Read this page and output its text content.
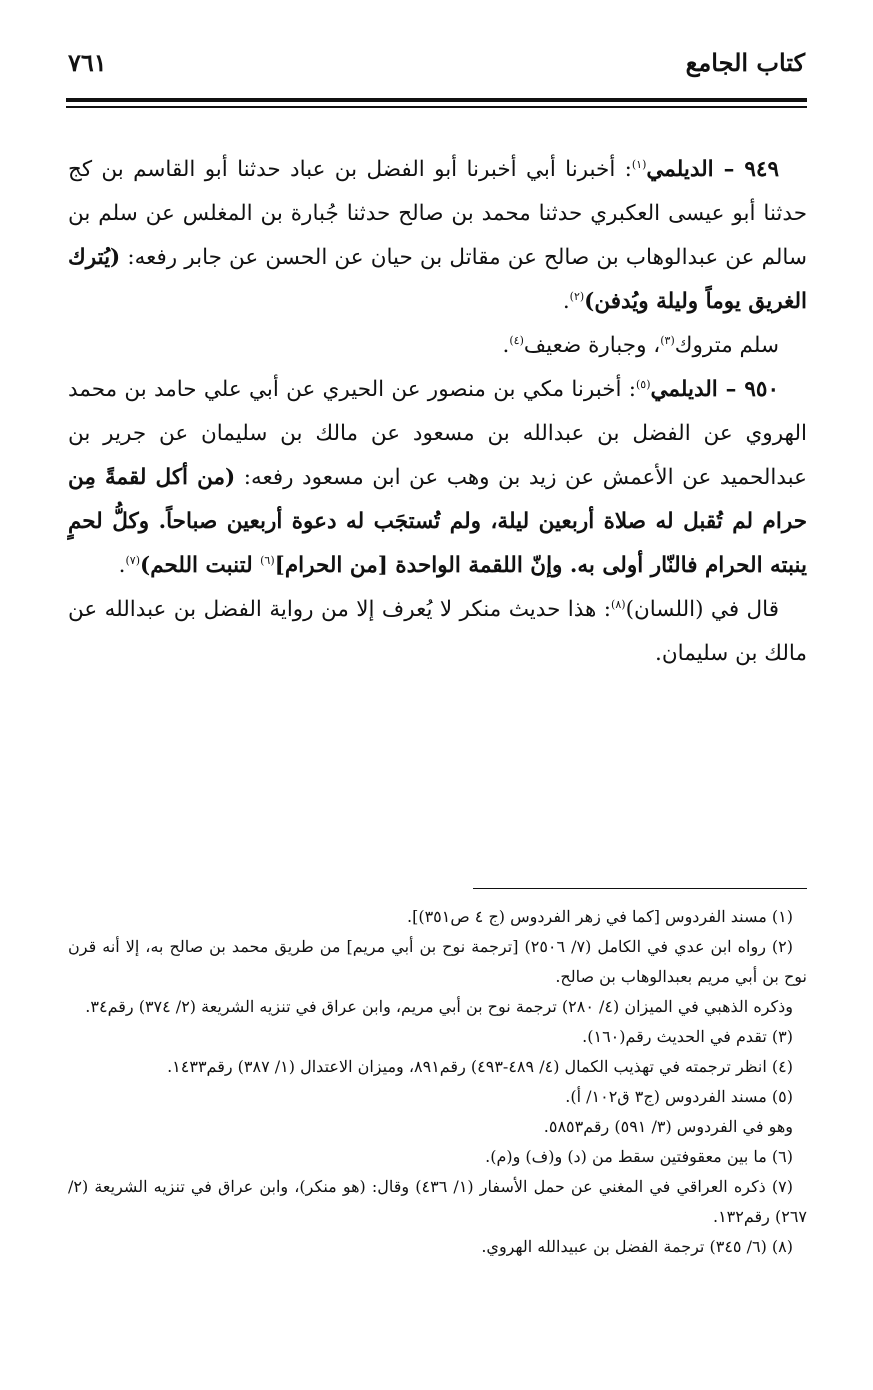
كتاب الجامع
٧٦١

٩٤٩ – الديلمي$^{(١)}$: أخبرنا أبي أخبرنا أبو الفضل بن عباد حدثنا أبو القاسم بن كج حدثنا أبو عيسى العكبري حدثنا محمد بن صالح حدثنا جُبارة بن المغلس عن سلم بن سالم عن عبدالوهاب بن صالح عن مقاتل بن حيان عن الحسن عن جابر رفعه: (يُترك الغريق يوماً وليلة ويُدفن)$^{(٢)}$.

سلم متروك$^{(٣)}$، وجبارة ضعيف$^{(٤)}$.

٩٥٠ – الديلمي$^{(٥)}$: أخبرنا مكي بن منصور عن الحيري عن أبي علي حامد بن محمد الهروي عن الفضل بن عبدالله بن مسعود عن مالك بن سليمان عن جرير بن عبدالحميد عن الأعمش عن زيد بن وهب عن ابن مسعود رفعه: (من أكل لقمةً مِن حرام لم تُقبل له صلاة أربعين ليلة، ولم تُستجَب له دعوة أربعين صباحاً. وكلُّ لحمٍ ينبته الحرام فالنّار أولى به. وإنّ اللقمة الواحدة [من الحرام]$^{(٦)}$ لتنبت اللحم)$^{(٧)}$.

قال في (اللسان)$^{(٨)}$: هذا حديث منكر لا يُعرف إلا من رواية الفضل بن عبدالله عن مالك بن سليمان.

(١) مسند الفردوس [كما في زهر الفردوس (ج ٤ ص٣٥١)].

(٢) رواه ابن عدي في الكامل (٧/ ٢٥٠٦) [ترجمة نوح بن أبي مريم] من طريق محمد بن صالح به، إلا أنه قرن نوح بن أبي مريم بعبدالوهاب بن صالح.

وذكره الذهبي في الميزان (٤/ ٢٨٠) ترجمة نوح بن أبي مريم، وابن عراق في تنزيه الشريعة (٢/ ٣٧٤) رقم٣٤.

(٣) تقدم في الحديث رقم(١٦٠).

(٤) انظر ترجمته في تهذيب الكمال (٤/ ٤٨٩-٤٩٣) رقم٨٩١، وميزان الاعتدال (١/ ٣٨٧) رقم١٤٣٣.

(٥) مسند الفردوس (ج٣ ق١٠٢/ أ).

وهو في الفردوس (٣/ ٥٩١) رقم٥٨٥٣.

(٦) ما بين معقوفتين سقط من (د) و(ف) و(م).

(٧) ذكره العراقي في المغني عن حمل الأسفار (١/ ٤٣٦) وقال: (هو منكر)، وابن عراق في تنزيه الشريعة (٢/ ٢٦٧) رقم١٣٢.

(٨) (٦/ ٣٤٥) ترجمة الفضل بن عبيدالله الهروي.
